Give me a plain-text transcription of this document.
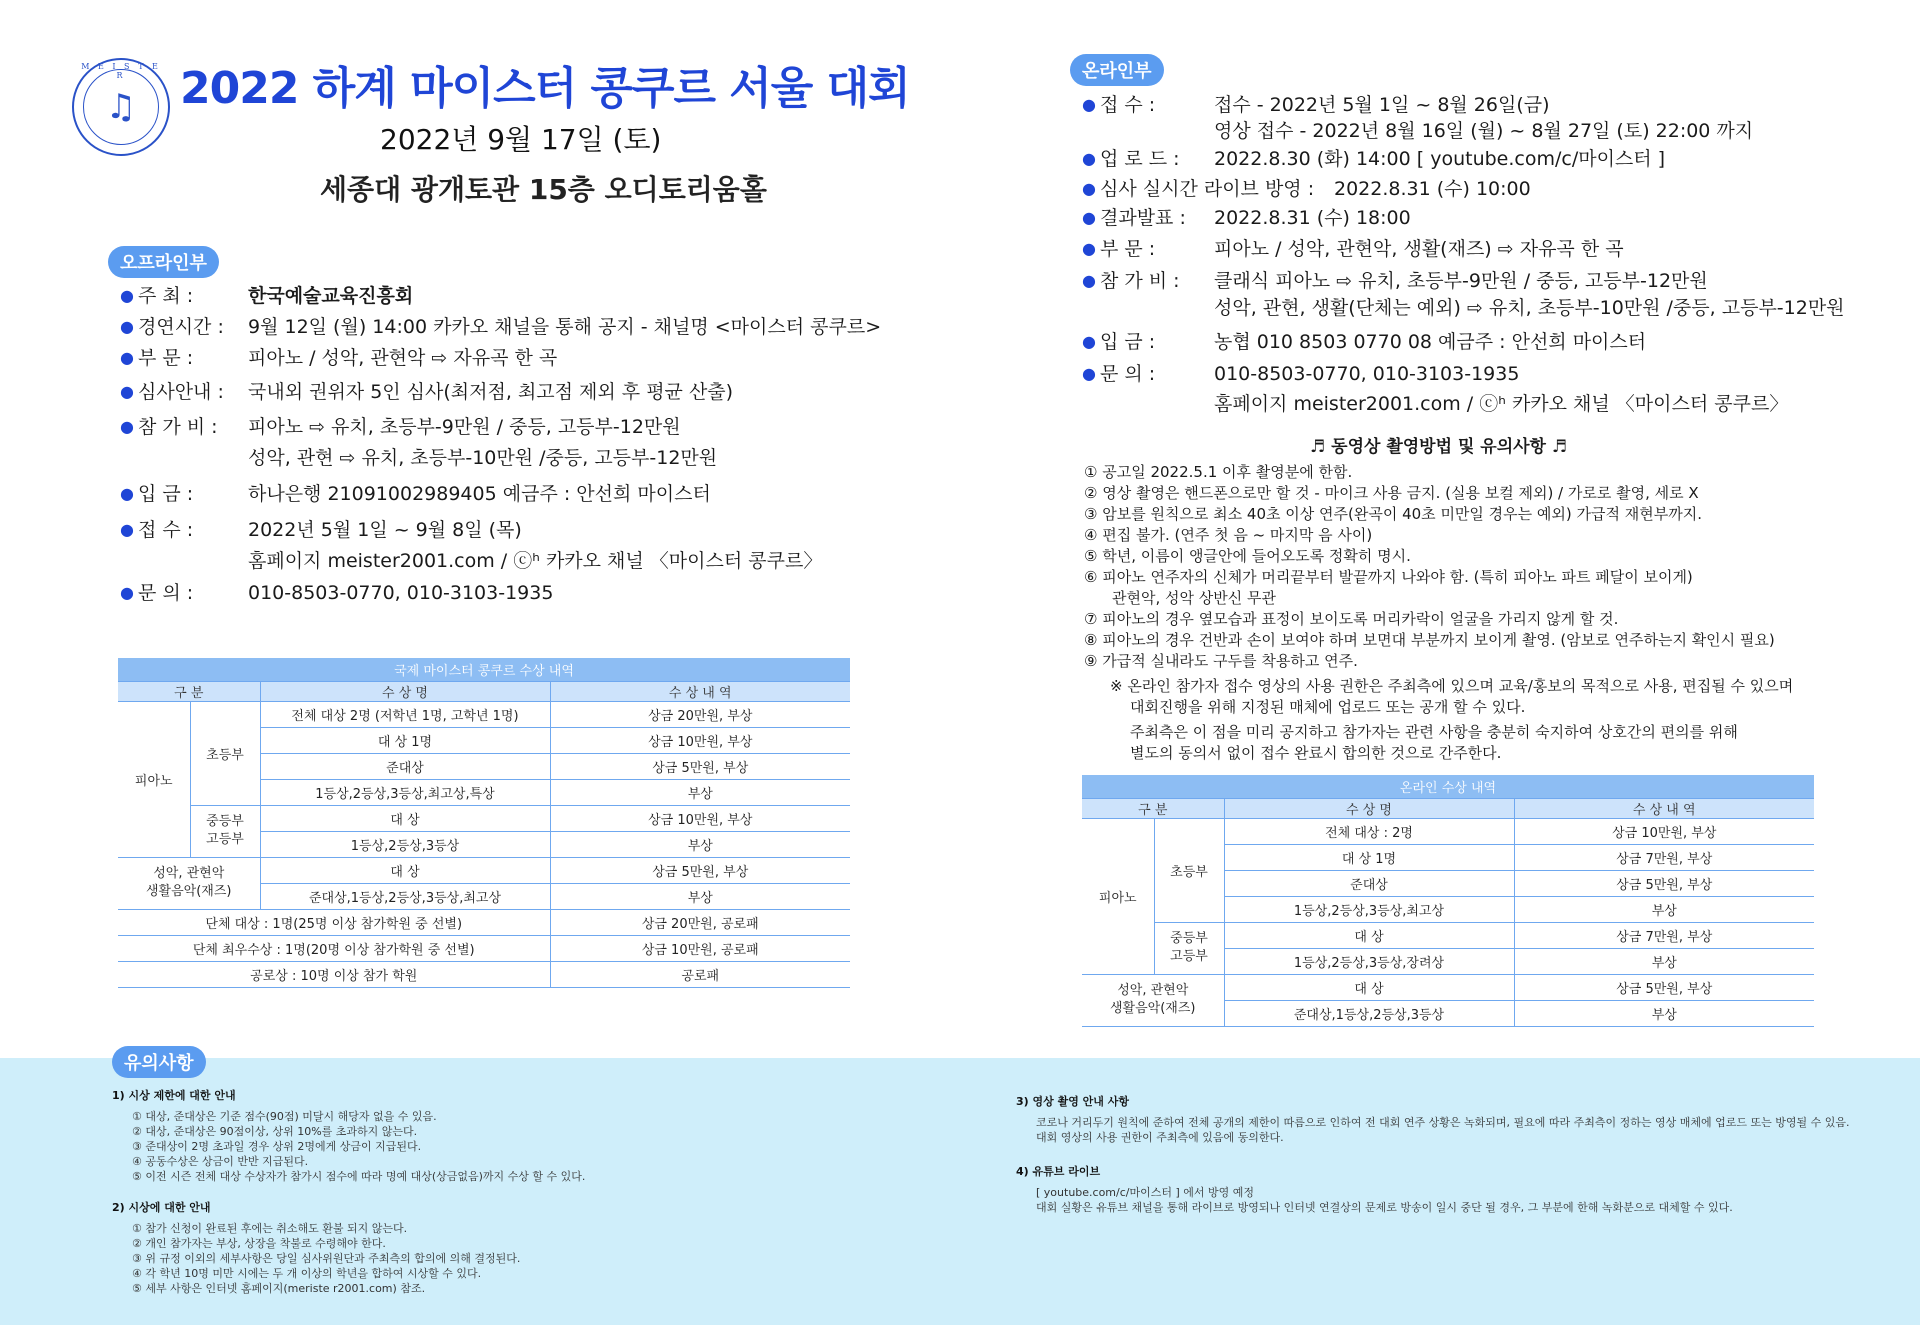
M E I S T E R
♫ 2022 하계 마이스터 콩쿠르 서울 대회
2022년 9월 17일 (토)
세종대 광개토관 15층 오디토리움홀
오프라인부
● 주 최 :	한국예술교육진흥회
● 경연시간 :	9월 12일 (월) 14:00 카카오 채널을 통해 공지 - 채널명 <마이스터 콩쿠르>
● 부 문 :	피아노 / 성악, 관현악 ⇨ 자유곡 한 곡
● 심사안내 :	국내외 권위자 5인 심사(최저점, 최고점 제외 후 평균 산출)
● 참 가 비 :	피아노 ⇨ 유치, 초등부-9만원 / 중등, 고등부-12만원
성악, 관현 ⇨ 유치, 초등부-10만원 /중등, 고등부-12만원
● 입 금 :	하나은행 21091002989405 예금주 : 안선희 마이스터
● 접 수 :	2022년 5월 1일 ~ 9월 8일 (목)
홈페이지 meister2001.com / ⓒʰ 카카오 채널 〈마이스터 콩쿠르〉
● 문 의 :	010-8503-0770, 010-3103-1935
국제 마이스터 콩쿠르 수상 내역			
구 분		수 상 명	수 상 내 역
피아노	초등부	전체 대상 2명 (저학년 1명, 고학년 1명)	상금 20만원, 부상
		대 상 1명	상금 10만원, 부상
		준대상	상금 5만원, 부상
		1등상,2등상,3등상,최고상,특상	부상
	중등부
고등부	대 상	상금 10만원, 부상
		1등상,2등상,3등상	부상
성악, 관현악
생활음악(재즈)		대 상	상금 5만원, 부상
		준대상,1등상,2등상,3등상,최고상	부상
단체 대상 : 1명(25명 이상 참가학원 중 선별)			상금 20만원, 공로패
단체 최우수상 : 1명(20명 이상 참가학원 중 선별)			상금 10만원, 공로패
공로상 : 10명 이상 참가 학원			공로패
온라인부
● 접 수 :	접수 - 2022년 5월 1일 ~ 8월 26일(금)
영상 접수 - 2022년 8월 16일 (월) ~ 8월 27일 (토) 22:00 까지
● 업 로 드 :	2022.8.30 (화) 14:00 [ youtube.com/c/마이스터 ]
● 심사 실시간 라이브 방영 :	2022.8.31 (수) 10:00
● 결과발표 :	2022.8.31 (수) 18:00
● 부 문 :	피아노 / 성악, 관현악, 생활(재즈) ⇨ 자유곡 한 곡
● 참 가 비 :	클래식 피아노 ⇨ 유치, 초등부-9만원 / 중등, 고등부-12만원
성악, 관현, 생활(단체는 예외) ⇨ 유치, 초등부-10만원 /중등, 고등부-12만원
● 입 금 :	농협 010 8503 0770 08 예금주 : 안선희 마이스터
● 문 의 :	010-8503-0770, 010-3103-1935
홈페이지 meister2001.com / ⓒʰ 카카오 채널 〈마이스터 콩쿠르〉
♬ 동영상 촬영방법 및 유의사항 ♬
① 공고일 2022.5.1 이후 촬영분에 한함.
② 영상 촬영은 핸드폰으로만 할 것 - 마이크 사용 금지. (실용 보컬 제외) / 가로로 촬영, 세로 X
③ 암보를 원칙으로 최소 40초 이상 연주(완곡이 40초 미만일 경우는 예외) 가급적 재현부까지.
④ 편집 불가. (연주 첫 음 ~ 마지막 음 사이)
⑤ 학년, 이름이 앵글안에 들어오도록 정확히 명시.
⑥ 피아노 연주자의 신체가 머리끝부터 발끝까지 나와야 함. (특히 피아노 파트 페달이 보이게)
관현악, 성악 상반신 무관
⑦ 피아노의 경우 옆모습과 표정이 보이도록 머리카락이 얼굴을 가리지 않게 할 것.
⑧ 피아노의 경우 건반과 손이 보여야 하며 보면대 부분까지 보이게 촬영. (암보로 연주하는지 확인시 필요)
⑨ 가급적 실내라도 구두를 착용하고 연주.
※ 온라인 참가자 접수 영상의 사용 권한은 주최측에 있으며 교육/홍보의 목적으로 사용, 편집될 수 있으며
대회진행을 위해 지정된 매체에 업로드 또는 공개 할 수 있다.
주최측은 이 점을 미리 공지하고 참가자는 관련 사항을 충분히 숙지하여 상호간의 편의를 위해
별도의 동의서 없이 접수 완료시 합의한 것으로 간주한다.
온라인 수상 내역			
구 분		수 상 명	수 상 내 역
피아노	초등부	전체 대상 : 2명	상금 10만원, 부상
		대 상 1명	상금 7만원, 부상
		준대상	상금 5만원, 부상
		1등상,2등상,3등상,최고상	부상
	중등부
고등부	대 상	상금 7만원, 부상
		1등상,2등상,3등상,장려상	부상
성악, 관현악
생활음악(재즈)		대 상	상금 5만원, 부상
		준대상,1등상,2등상,3등상	부상
유의사항
1) 시상 제한에 대한 안내
① 대상, 준대상은 기준 점수(90점) 미달시 해당자 없을 수 있음.
② 대상, 준대상은 90점이상, 상위 10%를 초과하지 않는다.
③ 준대상이 2명 초과일 경우 상위 2명에게 상금이 지급된다.
④ 공동수상은 상금이 반반 지급된다.
⑤ 이전 시즌 전체 대상 수상자가 참가시 점수에 따라 명예 대상(상금없음)까지 수상 할 수 있다.
2) 시상에 대한 안내
① 참가 신청이 완료된 후에는 취소해도 환불 되지 않는다.
② 개인 참가자는 부상, 상장을 착불로 수령해야 한다.
③ 위 규정 이외의 세부사항은 당일 심사위원단과 주최측의 합의에 의해 결정된다.
④ 각 학년 10명 미만 시에는 두 개 이상의 학년을 합하여 시상할 수 있다.
⑤ 세부 사항은 인터넷 홈페이지(meriste r2001.com) 참조.
3) 영상 촬영 안내 사항
코로나 거리두기 원칙에 준하여 전체 공개의 제한이 따름으로 인하여 전 대회 연주 상황은 녹화되며, 필요에 따라 주최측이 정하는 영상 매체에 업로드 또는 방영될 수 있음.
대회 영상의 사용 권한이 주최측에 있음에 동의한다.
4) 유튜브 라이브
[ youtube.com/c/마이스터 ] 에서 방영 예정
대회 실황은 유튜브 채널을 통해 라이브로 방영되나 인터넷 연결상의 문제로 방송이 일시 중단 될 경우, 그 부분에 한해 녹화분으로 대체할 수 있다.
